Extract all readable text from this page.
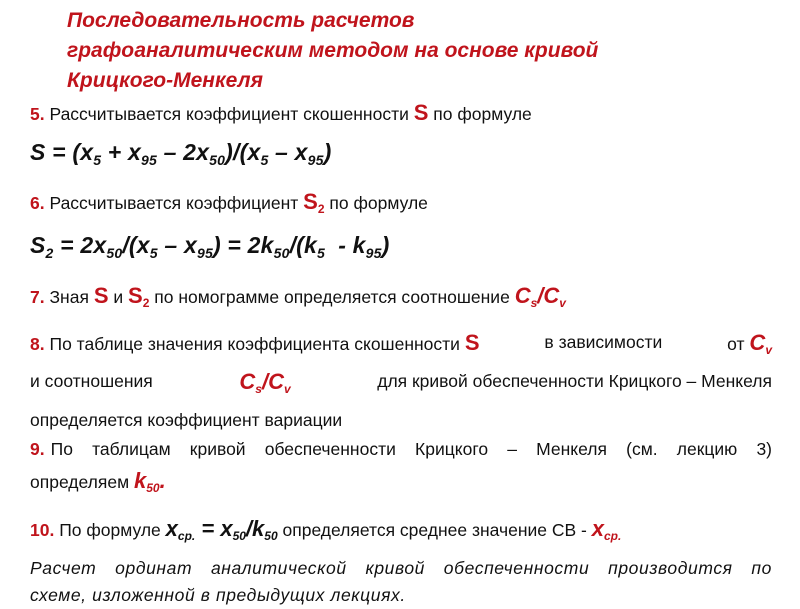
Последовательность расчетов
графоаналитическим методом на основе кривой
Крицкого-Менкеля
5. Рассчитывается коэффициент скошенности S по формуле
$S = (x_5 + x_{95} - 2x_{50})/(x_5 - x_{95})$
6. Рассчитывается коэффициент $S_2$ по формуле
$S_2 = 2x_{50}/(x_5 - x_{95}) = 2k_{50}/(k_5 - k_{95})$
7. Зная S и $S_2$ по номограмме определяется соотношение $C_s/C_v$
8. По таблице значения коэффициента скошенности S	в зависимости	от $C_v$
и соотношения	$C_s/C_v$	для кривой обеспеченности Крицкого – Менкеля
определяется коэффициент вариации
9. По таблицам кривой обеспеченности Крицкого – Менкеля (см. лекцию 3)
определяем $k_{50}$.
10. По формуле $x_{ср.} = x_{50}/k_{50}$ определяется среднее значение СВ - $x_{ср.}$
Расчет ординат аналитической кривой обеспеченности производится по
схеме, изложенной в предыдущих лекциях.
